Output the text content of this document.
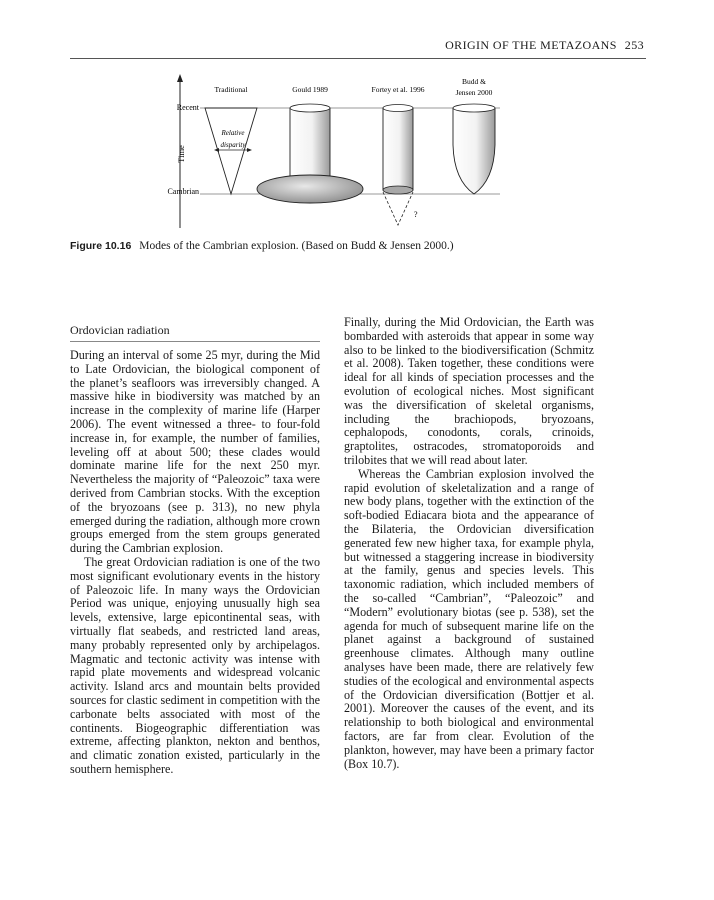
ORIGIN OF THE METAZOANS 253
Recent
Cambrian
Time
Traditional	Gould 1989	Fortey et al. 1996
Budd &
Jensen 2000
Relative
disparity
?
Figure 10.16 Modes of the Cambrian explosion. (Based on Budd & Jensen 2000.)
Ordovician radiation

During an interval of some 25 myr, during the Mid to Late Ordovician, the biological component of the planet’s seafloors was irreversibly changed. A massive hike in biodiversity was matched by an increase in the complexity of marine life (Harper 2006). The event witnessed a three- to four-fold increase in, for example, the number of families, leveling off at about 500; these clades would dominate marine life for the next 250 myr. Nevertheless the majority of “Paleozoic” taxa were derived from Cambrian stocks. With the exception of the bryozoans (see p. 313), no new phyla emerged during the radiation, although more crown groups emerged from the stem groups generated during the Cambrian explosion.

The great Ordovician radiation is one of the two most significant evolutionary events in the history of Paleozoic life. In many ways the Ordovician Period was unique, enjoying unusually high sea levels, extensive, large epicontinental seas, with virtually flat seabeds, and restricted land areas, many probably represented only by archipelagos. Magmatic and tectonic activity was intense with rapid plate movements and widespread volcanic activity. Island arcs and mountain belts provided sources for clastic sediment in competition with the carbonate belts associated with most of the continents. Biogeographic differentiation was extreme, affecting plankton, nekton and benthos, and climatic zonation existed, particularly in the southern hemisphere.

Finally, during the Mid Ordovician, the Earth was bombarded with asteroids that appear in some way also to be linked to the biodiversification (Schmitz et al. 2008). Taken together, these conditions were ideal for all kinds of speciation processes and the evolution of ecological niches. Most significant was the diversification of skeletal organisms, including the brachiopods, bryozoans, cephalopods, conodonts, corals, crinoids, graptolites, ostracodes, stromatoporoids and trilobites that we will read about later.

Whereas the Cambrian explosion involved the rapid evolution of skeletalization and a range of new body plans, together with the extinction of the soft-bodied Ediacara biota and the appearance of the Bilateria, the Ordovician diversification generated few new higher taxa, for example phyla, but witnessed a staggering increase in biodiversity at the family, genus and species levels. This taxonomic radiation, which included members of the so-called “Cambrian”, “Paleozoic” and “Modern” evolutionary biotas (see p. 538), set the agenda for much of subsequent marine life on the planet against a background of sustained greenhouse climates. Although many outline analyses have been made, there are relatively few studies of the ecological and environmental aspects of the Ordovician diversification (Bottjer et al. 2001). Moreover the causes of the event, and its relationship to both biological and environmental factors, are far from clear. Evolution of the plankton, however, may have been a primary factor (Box 10.7).
